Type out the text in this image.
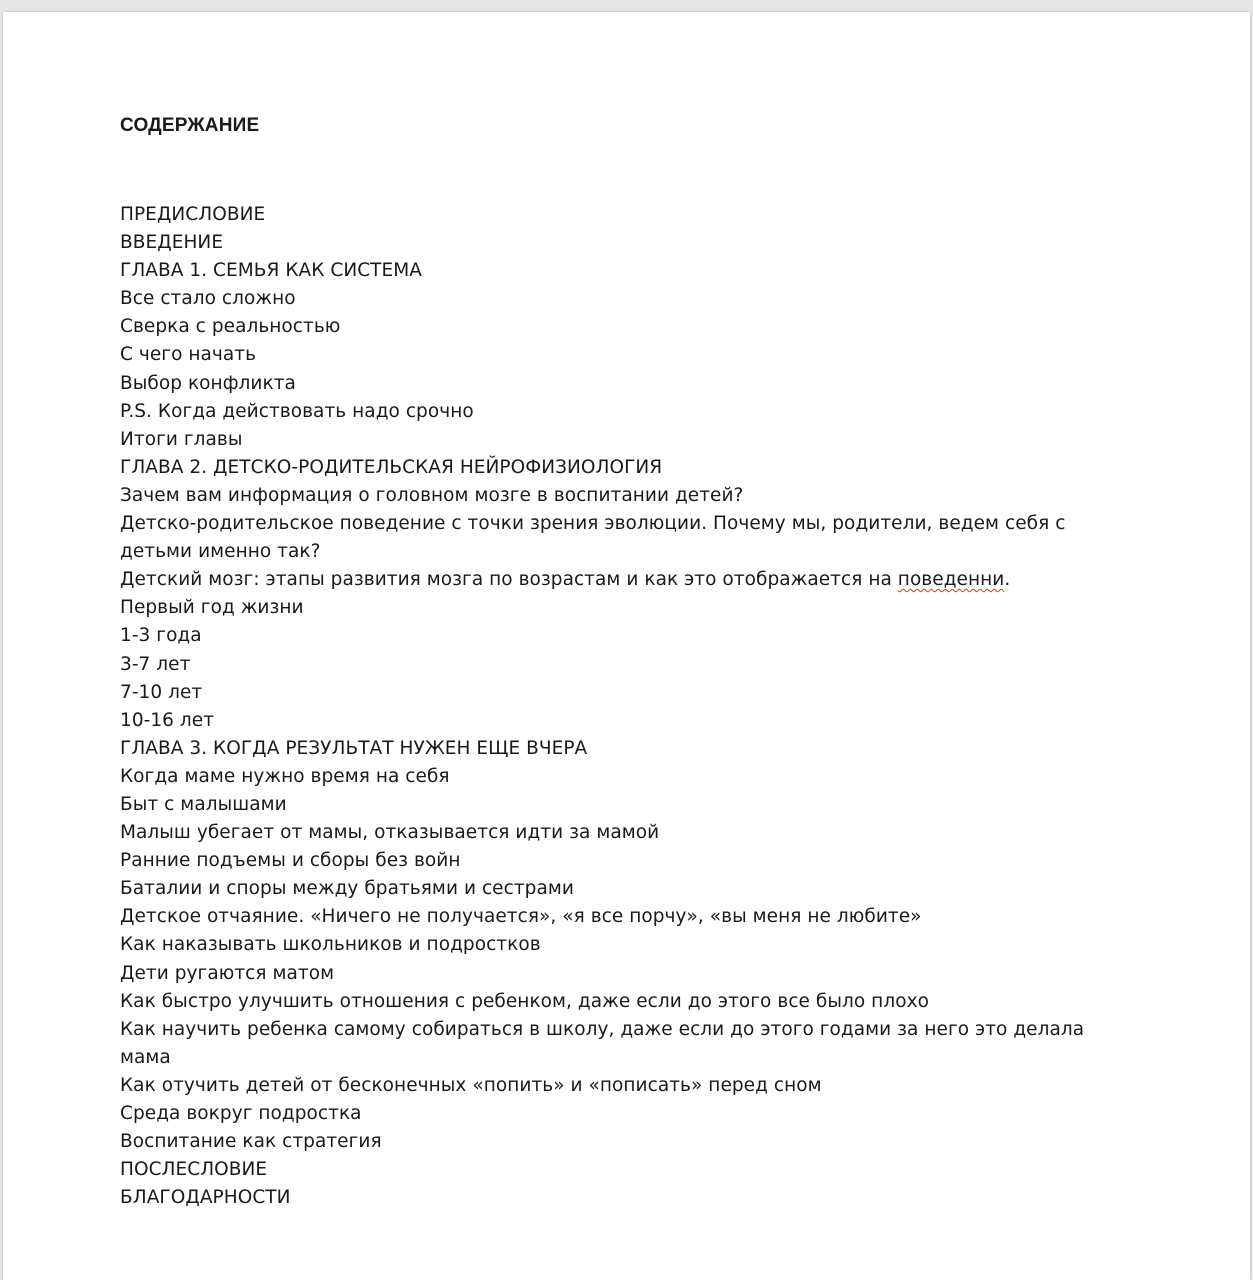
СОДЕРЖАНИЕ
ПРЕДИСЛОВИЕ
ВВЕДЕНИЕ
ГЛАВА 1. СЕМЬЯ КАК СИСТЕМА
Все стало сложно
Сверка с реальностью
С чего начать
Выбор конфликта
P.S. Когда действовать надо срочно
Итоги главы
ГЛАВА 2. ДЕТСКО-РОДИТЕЛЬСКАЯ НЕЙРОФИЗИОЛОГИЯ
Зачем вам информация о головном мозге в воспитании детей?
Детско-родительское поведение с точки зрения эволюции. Почему мы, родители, ведем себя с детьми именно так?
Детский мозг: этапы развития мозга по возрастам и как это отображается на поведенни.
Первый год жизни
1-3 года
3-7 лет
7-10 лет
10-16 лет
ГЛАВА 3. КОГДА РЕЗУЛЬТАТ НУЖЕН ЕЩЕ ВЧЕРА
Когда маме нужно время на себя
Быт с малышами
Малыш убегает от мамы, отказывается идти за мамой
Ранние подъемы и сборы без войн
Баталии и споры между братьями и сестрами
Детское отчаяние. «Ничего не получается», «я все порчу», «вы меня не любите»
Как наказывать школьников и подростков
Дети ругаются матом
Как быстро улучшить отношения с ребенком, даже если до этого все было плохо
Как научить ребенка самому собираться в школу, даже если до этого годами за него это делала мама
Как отучить детей от бесконечных «попить» и «пописать» перед сном
Среда вокруг подростка
Воспитание как стратегия
ПОСЛЕСЛОВИЕ
БЛАГОДАРНОСТИ
